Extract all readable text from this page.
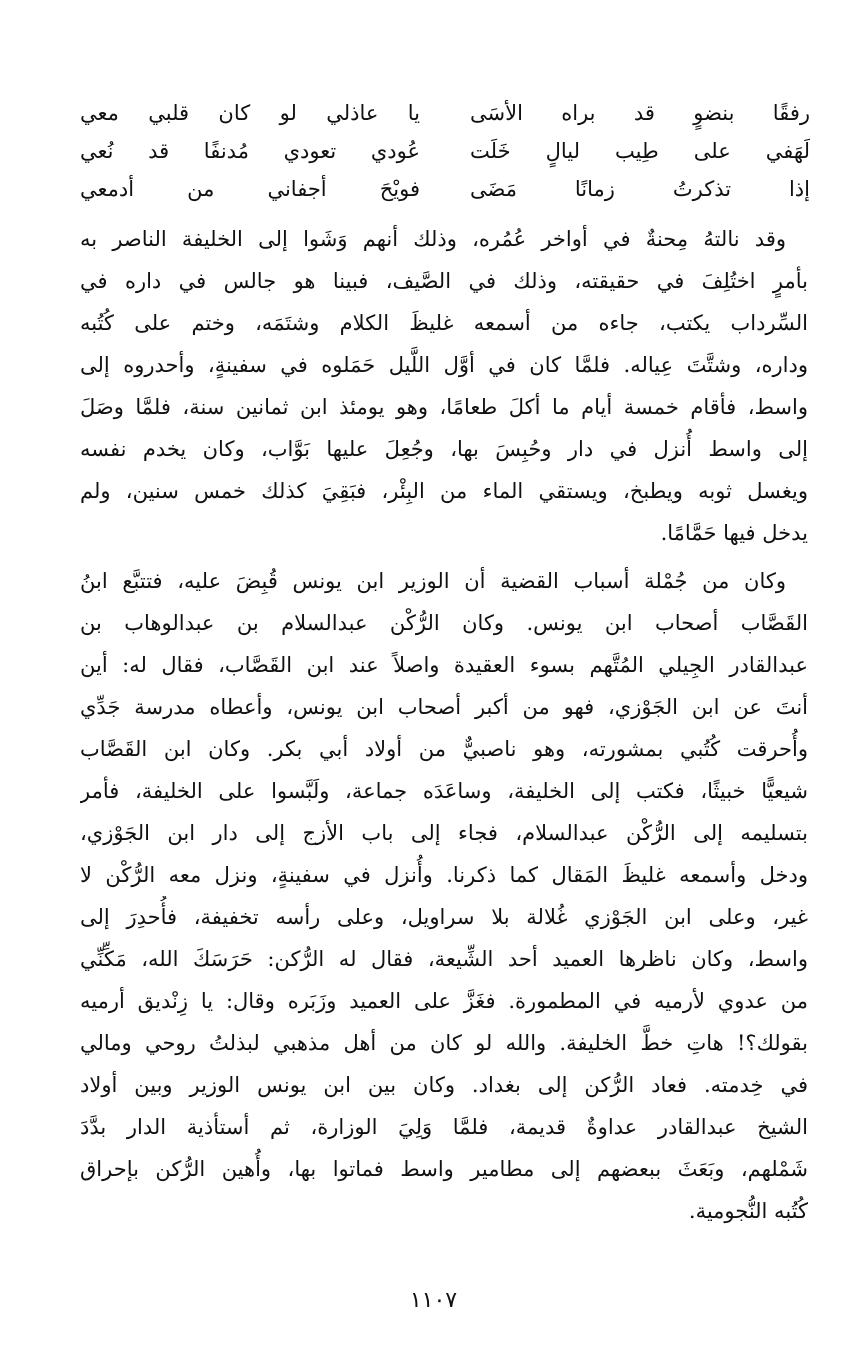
رفقًا بنضوٍ قد براه الأسَى
يا عاذلي لو كان قلبي معي
لَهَفي على طِيب ليالٍ خَلَت
عُودي تعودي مُدنفًا قد نُعي
إذا تذكرتُ زمانًا مَضَى
فويْحَ أجفاني من أدمعي
وقد نالتهُ مِحنةٌ في أواخر عُمُره، وذلك أنهم وَشَوا إلى الخليفة الناصر به
بأمرٍ اختُلِفَ في حقيقته، وذلك في الصَّيف، فبينا هو جالس في داره في
السِّرداب يكتب، جاءه من أسمعه غليظَ الكلام وشتَمَه، وختم على كُتُبه
وداره، وشتَّتَ عِياله. فلمَّا كان في أوَّل اللَّيل حَمَلوه في سفينةٍ، وأحدروه إلى
واسط، فأقام خمسة أيام ما أكلَ طعامًا، وهو يومئذ ابن ثمانين سنة، فلمَّا وصَلَ
إلى واسط أُنزل في دار وحُبِسَ بها، وجُعِلَ عليها بَوَّاب، وكان يخدم نفسه
ويغسل ثوبه ويطبخ، ويستقي الماء من البِئْر، فبَقِيَ كذلك خمس سنين، ولم
يدخل فيها حَمَّامًا.
وكان من جُمْلة أسباب القضية أن الوزير ابن يونس قُبِضَ عليه، فتتبَّع ابنُ
القَصَّاب أصحاب ابن يونس. وكان الرُّكْن عبدالسلام بن عبدالوهاب بن
عبدالقادر الجِيلي المُتَّهم بسوء العقيدة واصلاً عند ابن القَصَّاب، فقال له: أين
أنتَ عن ابن الجَوْزي، فهو من أكبر أصحاب ابن يونس، وأعطاه مدرسة جَدِّي
وأُحرقت كُتُبي بمشورته، وهو ناصبيٌّ من أولاد أبي بكر. وكان ابن القَصَّاب
شيعيًّا خبيثًا، فكتب إلى الخليفة، وساعَدَه جماعة، ولَبَّسوا على الخليفة، فأمر
بتسليمه إلى الرُّكْن عبدالسلام، فجاء إلى باب الأزج إلى دار ابن الجَوْزي،
ودخل وأسمعه غليظَ المَقال كما ذكرنا. وأُنزل في سفينةٍ، ونزل معه الرُّكْن لا
غير، وعلى ابن الجَوْزي غُلالة بلا سراويل، وعلى رأسه تخفيفة، فأُحدِرَ إلى
واسط، وكان ناظرها العميد أحد الشِّيعة، فقال له الرُّكن: حَرَسَكَ الله، مَكِّنِّي
من عدوي لأرميه في المطمورة. فغَزَّ على العميد وزَبَره وقال: يا زِنْديق أرميه
بقولك؟! هاتِ خطَّ الخليفة. والله لو كان من أهل مذهبي لبذلتُ روحي ومالي
في خِدمته. فعاد الرُّكن إلى بغداد. وكان بين ابن يونس الوزير وبين أولاد
الشيخ عبدالقادر عداوةٌ قديمة، فلمَّا وَلِيَ الوزارة، ثم أستأذية الدار بدَّدَ
شَمْلهم، وبَعَثَ ببعضهم إلى مطامير واسط فماتوا بها، وأُهين الرُّكن بإحراق
كُتُبه النُّجومية.
١١٠٧
